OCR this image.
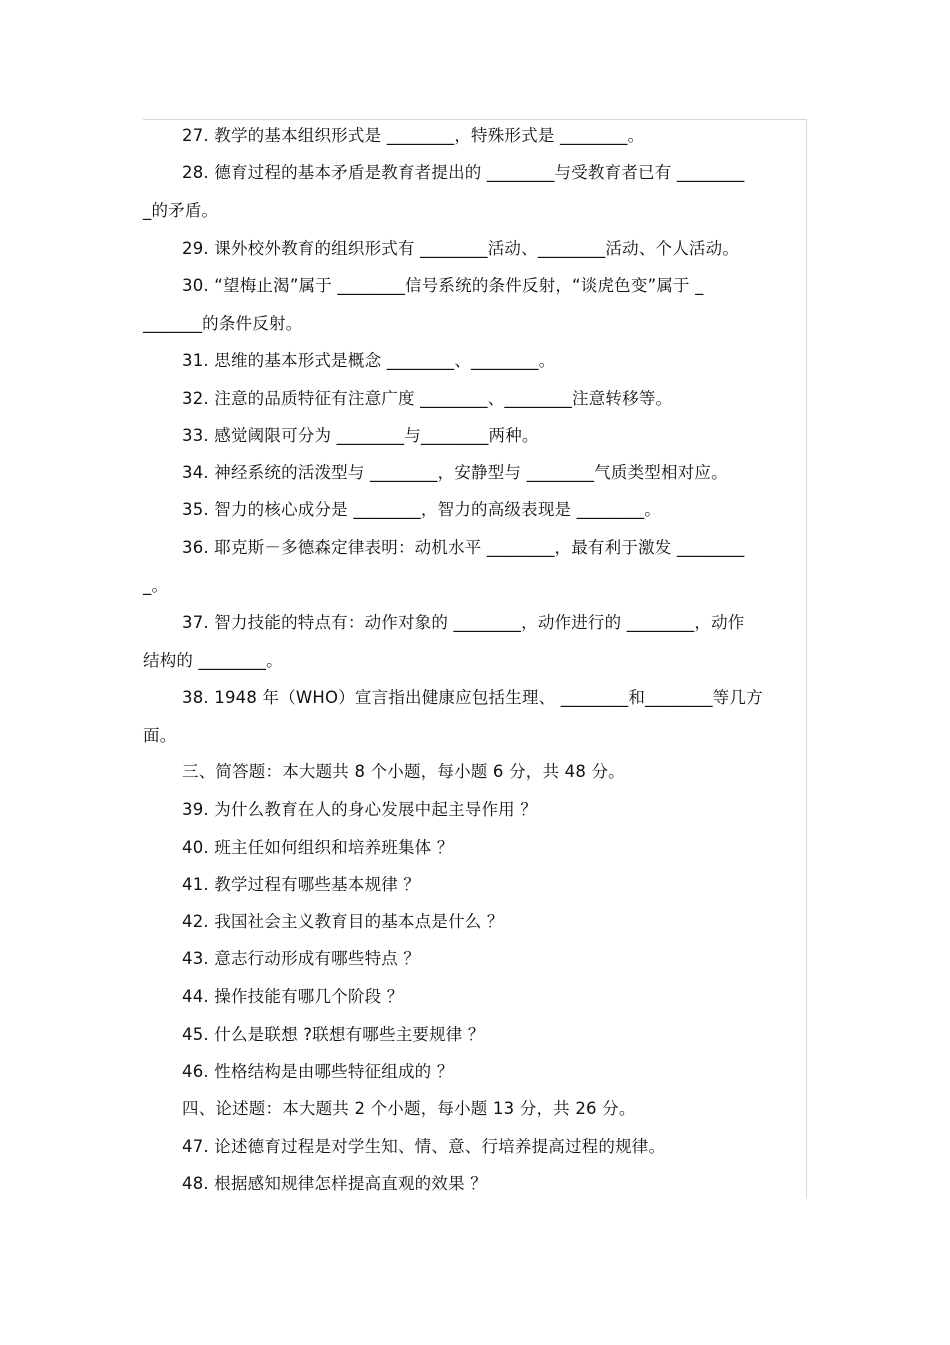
27. 教学的基本组织形式是 ________，特殊形式是 ________。
28. 德育过程的基本矛盾是教育者提出的 ________与受教育者已有 ________
_的矛盾。
29. 课外校外教育的组织形式有 ________活动、________活动、个人活动。
30. “望梅止渴”属于 ________信号系统的条件反射，“谈虎色变”属于 _
_______的条件反射。
31. 思维的基本形式是概念 ________、________。
32. 注意的品质特征有注意广度 ________、________注意转移等。
33. 感觉阈限可分为 ________与________两种。
34. 神经系统的活泼型与 ________，安静型与 ________气质类型相对应。
35. 智力的核心成分是 ________，智力的高级表现是 ________。
36. 耶克斯－多德森定律表明：动机水平 ________，最有利于激发 ________
_。
37. 智力技能的特点有：动作对象的 ________，动作进行的 ________，动作
结构的 ________。
38. 1948 年（WHO）宣言指出健康应包括生理、 ________和________等几方
面。
三、简答题：本大题共 8 个小题，每小题 6 分，共 48 分。
39. 为什么教育在人的身心发展中起主导作用 ？
40. 班主任如何组织和培养班集体 ？
41. 教学过程有哪些基本规律 ？
42. 我国社会主义教育目的基本点是什么 ？
43. 意志行动形成有哪些特点 ？
44. 操作技能有哪几个阶段 ？
45. 什么是联想 ?联想有哪些主要规律 ？
46. 性格结构是由哪些特征组成的 ？
四、论述题：本大题共 2 个小题，每小题 13 分，共 26 分。
47. 论述德育过程是对学生知、情、意、行培养提高过程的规律。
48. 根据感知规律怎样提高直观的效果 ？
